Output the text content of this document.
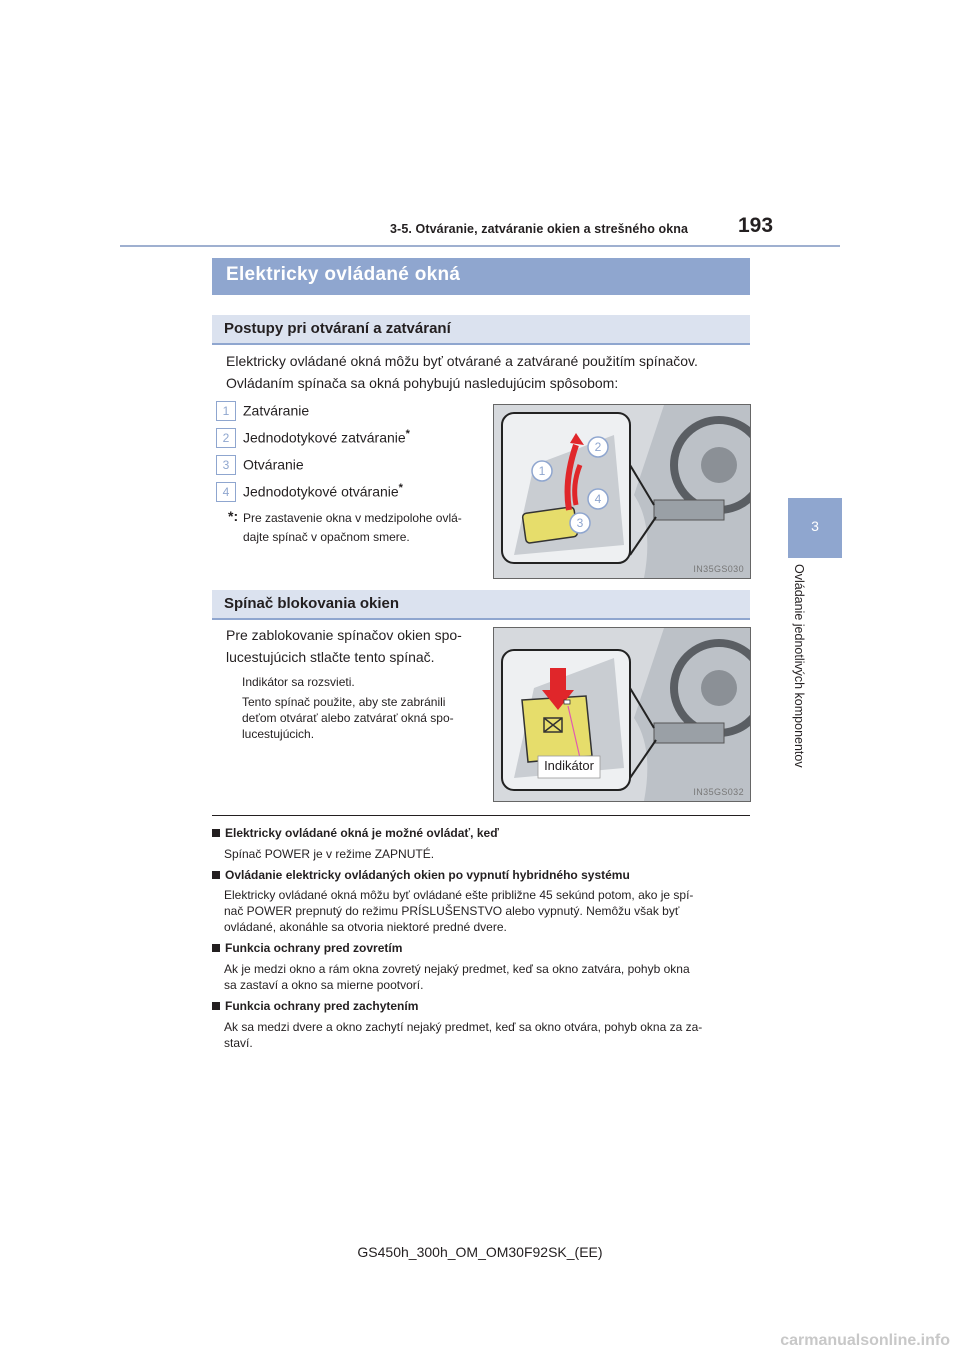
3-5. Otváranie, zatváranie okien a strešného okna 193
3
Ovládanie jednotlivých komponentov
Elektricky ovládané okná
Postupy pri otváraní a zatváraní
Elektricky ovládané okná môžu byť otvárané a zatvárané použitím spínačov.
Ovládaním spínača sa okná pohybujú nasledujúcim spôsobom:
1 Zatváranie
2 Jednodotykové zatváranie*
3 Otváranie
4 Jednodotykové otváranie*
*: Pre zastavenie okna v medzipolohe ovlá-
dajte spínač v opačnom smere.
1
2
3
4
IN35GS030
Spínač blokovania okien
Pre zablokovanie spínačov okien spo-
lucestujúcich stlačte tento spínač.
Indikátor sa rozsvieti.
Tento spínač použite, aby ste zabránili
deťom otvárať alebo zatvárať okná spo-
lucestujúcich.
Indikátor
IN35GS032
Elektricky ovládané okná je možné ovládať, keď
Spínač POWER je v režime ZAPNUTÉ.
Ovládanie elektricky ovládaných okien po vypnutí hybridného systému
Elektricky ovládané okná môžu byť ovládané ešte približne 45 sekúnd potom, ako je spí-
nač POWER prepnutý do režimu PRÍSLUŠENSTVO alebo vypnutý. Nemôžu však byť
ovládané, akonáhle sa otvoria niektoré predné dvere.
Funkcia ochrany pred zovretím
Ak je medzi okno a rám okna zovretý nejaký predmet, keď sa okno zatvára, pohyb okna
sa zastaví a okno sa mierne pootvorí.
Funkcia ochrany pred zachytením
Ak sa medzi dvere a okno zachytí nejaký predmet, keď sa okno otvára, pohyb okna za za-
staví.
GS450h_300h_OM_OM30F92SK_(EE)
carmanualsonline.info
